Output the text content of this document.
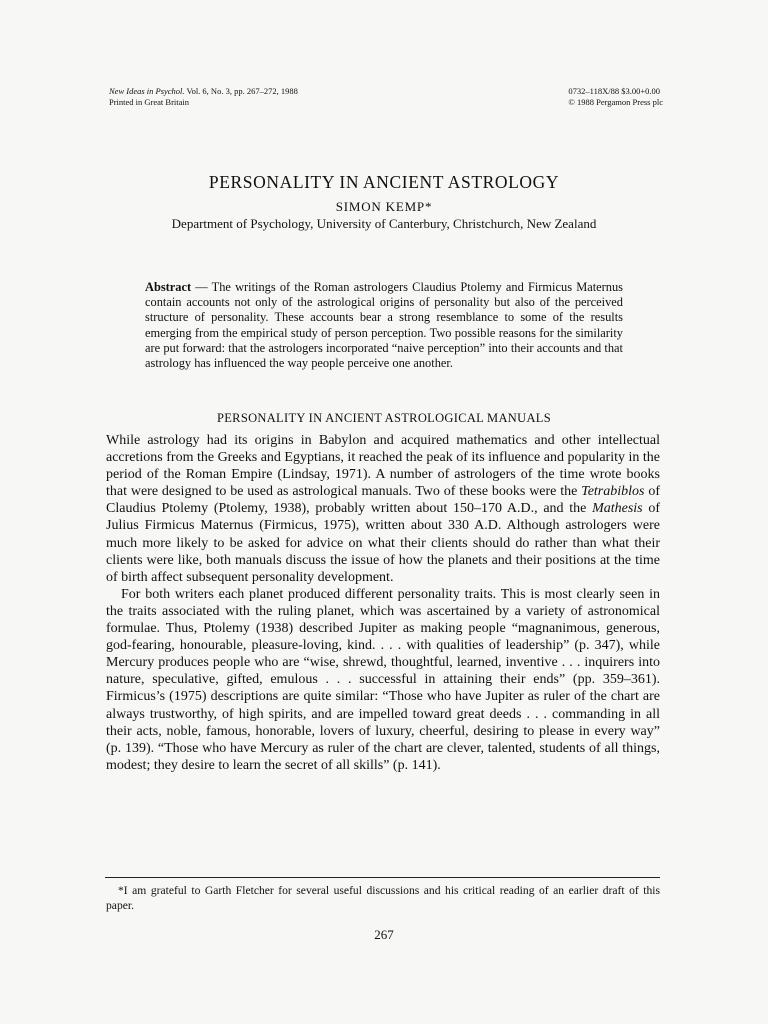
New Ideas in Psychol. Vol. 6, No. 3, pp. 267–272, 1988
Printed in Great Britain
0732–118X/88 $3.00+0.00
© 1988 Pergamon Press plc
PERSONALITY IN ANCIENT ASTROLOGY
SIMON KEMP*
Department of Psychology, University of Canterbury, Christchurch, New Zealand
Abstract — The writings of the Roman astrologers Claudius Ptolemy and Firmicus Maternus contain accounts not only of the astrological origins of personality but also of the perceived structure of personality. These accounts bear a strong resemblance to some of the results emerging from the empirical study of person perception. Two possible reasons for the similarity are put forward: that the astrologers incorporated “naive perception” into their accounts and that astrology has influenced the way people perceive one another.
PERSONALITY IN ANCIENT ASTROLOGICAL MANUALS

While astrology had its origins in Babylon and acquired mathematics and other intellectual accretions from the Greeks and Egyptians, it reached the peak of its influence and popularity in the period of the Roman Empire (Lindsay, 1971). A number of astrologers of the time wrote books that were designed to be used as astrological manuals. Two of these books were the Tetrabiblos of Claudius Ptolemy (Ptolemy, 1938), probably written about 150–170 A.D., and the Mathesis of Julius Firmicus Maternus (Firmicus, 1975), written about 330 A.D. Although astrologers were much more likely to be asked for advice on what their clients should do rather than what their clients were like, both manuals discuss the issue of how the planets and their positions at the time of birth affect subsequent personality development.

For both writers each planet produced different personality traits. This is most clearly seen in the traits associated with the ruling planet, which was ascertained by a variety of astronomical formulae. Thus, Ptolemy (1938) described Jupiter as making people “magnanimous, generous, god-fearing, honourable, pleasure-loving, kind. . . . with qualities of leadership” (p. 347), while Mercury produces people who are “wise, shrewd, thoughtful, learned, inventive . . . inquirers into nature, speculative, gifted, emulous . . . successful in attaining their ends” (pp. 359–361). Firmicus’s (1975) descriptions are quite similar: “Those who have Jupiter as ruler of the chart are always trustworthy, of high spirits, and are impelled toward great deeds . . . commanding in all their acts, noble, famous, honorable, lovers of luxury, cheerful, desiring to please in every way” (p. 139). “Those who have Mercury as ruler of the chart are clever, talented, students of all things, modest; they desire to learn the secret of all skills” (p. 141).

*I am grateful to Garth Fletcher for several useful discussions and his critical reading of an earlier draft of this paper.
267
